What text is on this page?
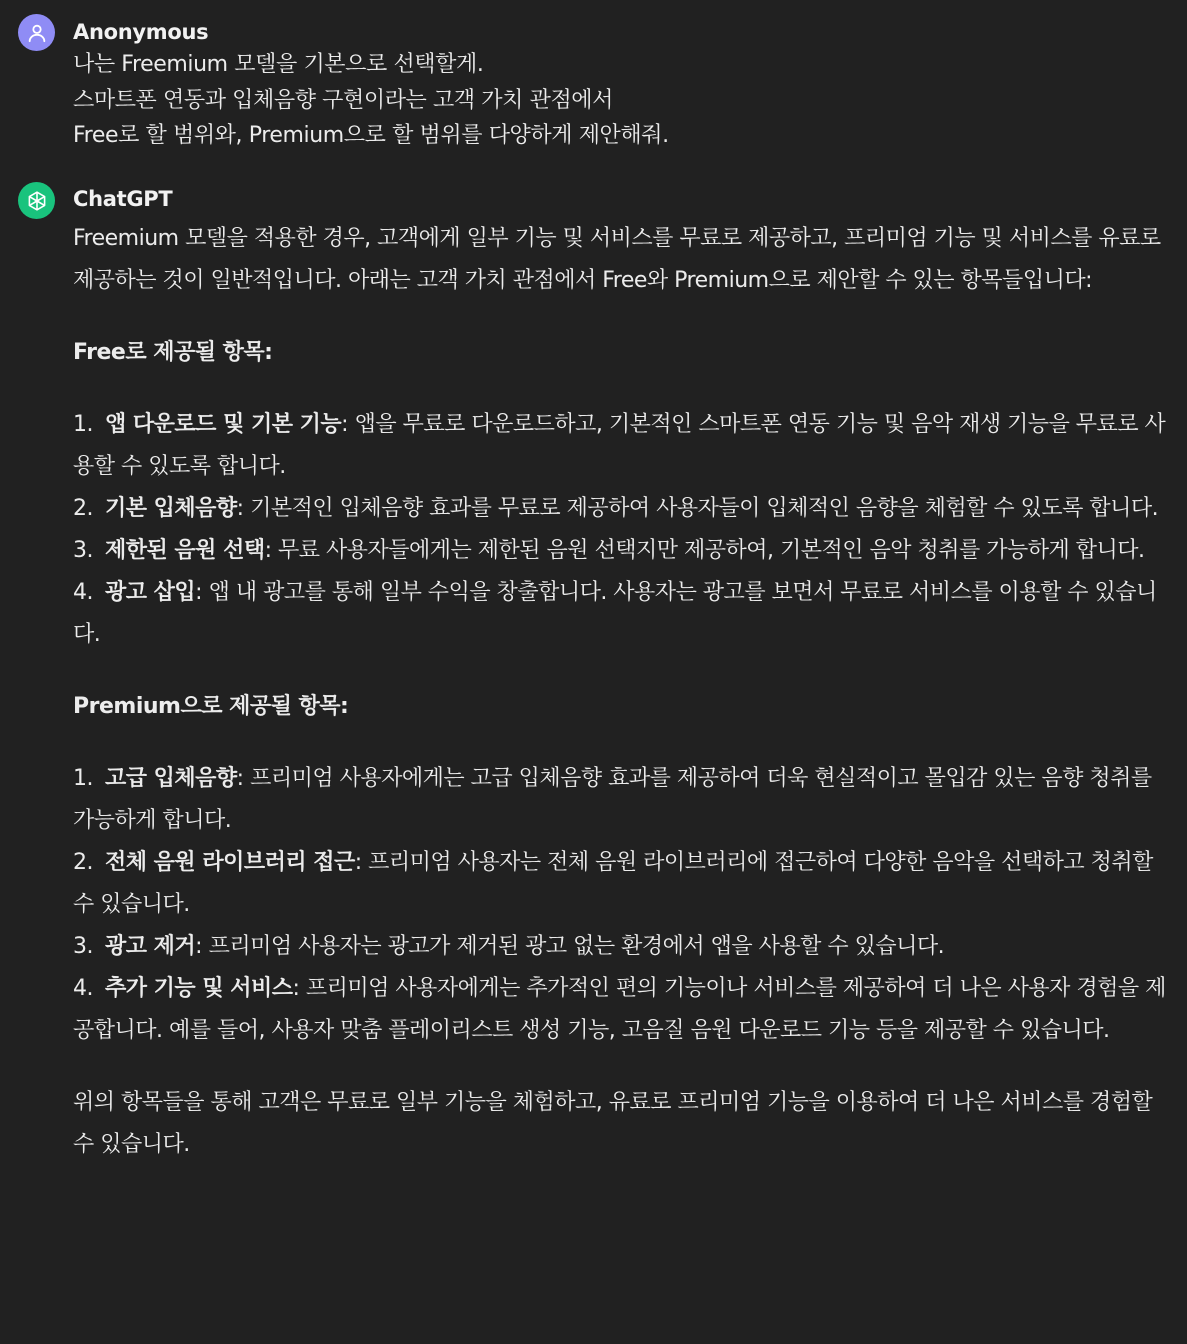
Anonymous
나는 Freemium 모델을 기본으로 선택할게.
스마트폰 연동과 입체음향 구현이라는 고객 가치 관점에서
Free로 할 범위와, Premium으로 할 범위를 다양하게 제안해줘.
ChatGPT

Freemium 모델을 적용한 경우, 고객에게 일부 기능 및 서비스를 무료로 제공하고, 프리미엄 기능 및 서비스를 유료로 제공하는 것이 일반적입니다. 아래는 고객 가치 관점에서 Free와 Premium으로 제안할 수 있는 항목들입니다:

Free로 제공될 항목:
1. 앱 다운로드 및 기본 기능: 앱을 무료로 다운로드하고, 기본적인 스마트폰 연동 기능 및 음악 재생 기능을 무료로 사용할 수 있도록 합니다.
2. 기본 입체음향: 기본적인 입체음향 효과를 무료로 제공하여 사용자들이 입체적인 음향을 체험할 수 있도록 합니다.
3. 제한된 음원 선택: 무료 사용자들에게는 제한된 음원 선택지만 제공하여, 기본적인 음악 청취를 가능하게 합니다.
4. 광고 삽입: 앱 내 광고를 통해 일부 수익을 창출합니다. 사용자는 광고를 보면서 무료로 서비스를 이용할 수 있습니다.
Premium으로 제공될 항목:
1. 고급 입체음향: 프리미엄 사용자에게는 고급 입체음향 효과를 제공하여 더욱 현실적이고 몰입감 있는 음향 청취를 가능하게 합니다.
2. 전체 음원 라이브러리 접근: 프리미엄 사용자는 전체 음원 라이브러리에 접근하여 다양한 음악을 선택하고 청취할 수 있습니다.
3. 광고 제거: 프리미엄 사용자는 광고가 제거된 광고 없는 환경에서 앱을 사용할 수 있습니다.
4. 추가 기능 및 서비스: 프리미엄 사용자에게는 추가적인 편의 기능이나 서비스를 제공하여 더 나은 사용자 경험을 제공합니다. 예를 들어, 사용자 맞춤 플레이리스트 생성 기능, 고음질 음원 다운로드 기능 등을 제공할 수 있습니다.

위의 항목들을 통해 고객은 무료로 일부 기능을 체험하고, 유료로 프리미엄 기능을 이용하여 더 나은 서비스를 경험할 수 있습니다.
